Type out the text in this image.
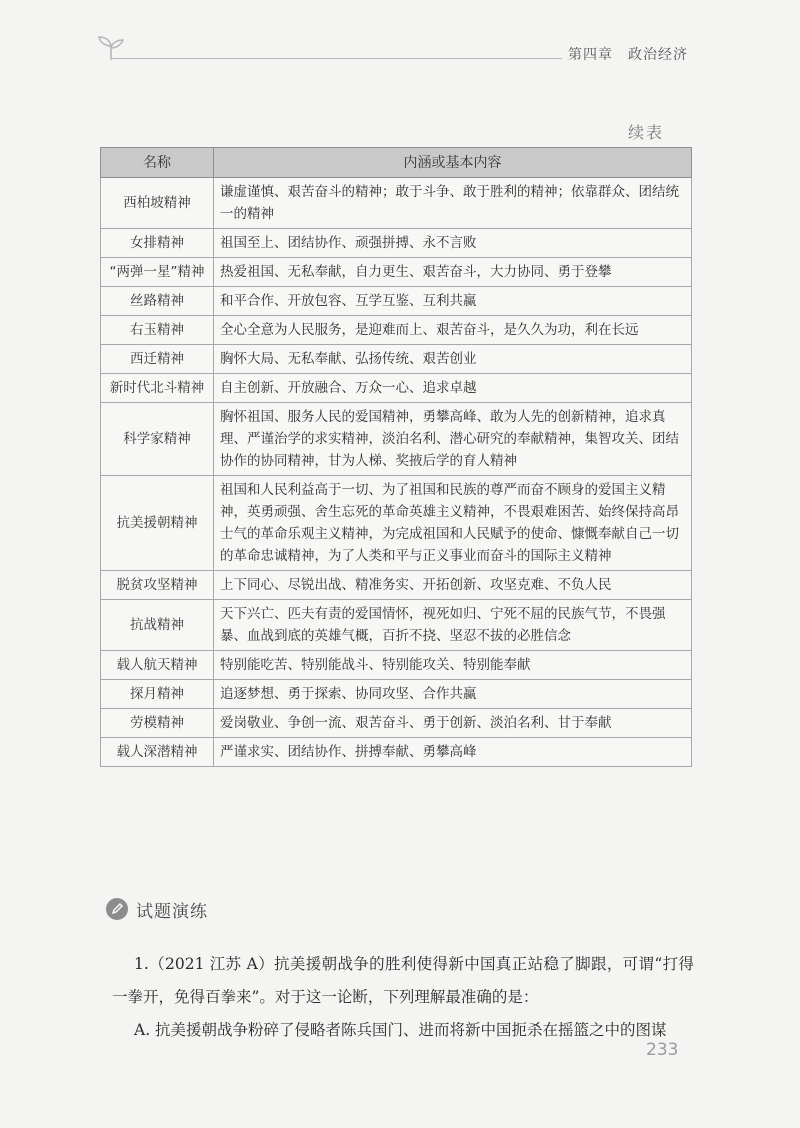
第四章　政治经济
续表
名称	内涵或基本内容
西柏坡精神	谦虚谨慎、艰苦奋斗的精神；敢于斗争、敢于胜利的精神；依靠群众、团结统一的精神
女排精神	祖国至上、团结协作、顽强拼搏、永不言败
“两弹一星”精神	热爱祖国、无私奉献，自力更生、艰苦奋斗，大力协同、勇于登攀
丝路精神	和平合作、开放包容、互学互鉴、互利共赢
右玉精神	全心全意为人民服务，是迎难而上、艰苦奋斗，是久久为功，利在长远
西迁精神	胸怀大局、无私奉献、弘扬传统、艰苦创业
新时代北斗精神	自主创新、开放融合、万众一心、追求卓越
科学家精神	胸怀祖国、服务人民的爱国精神，勇攀高峰、敢为人先的创新精神，追求真理、严谨治学的求实精神，淡泊名利、潜心研究的奉献精神，集智攻关、团结协作的协同精神，甘为人梯、奖掖后学的育人精神
抗美援朝精神	祖国和人民利益高于一切、为了祖国和民族的尊严而奋不顾身的爱国主义精神，英勇顽强、舍生忘死的革命英雄主义精神，不畏艰难困苦、始终保持高昂士气的革命乐观主义精神，为完成祖国和人民赋予的使命、慷慨奉献自己一切的革命忠诚精神，为了人类和平与正义事业而奋斗的国际主义精神
脱贫攻坚精神	上下同心、尽锐出战、精准务实、开拓创新、攻坚克难、不负人民
抗战精神	天下兴亡、匹夫有责的爱国情怀，视死如归、宁死不屈的民族气节，不畏强暴、血战到底的英雄气概，百折不挠、坚忍不拔的必胜信念
载人航天精神	特别能吃苦、特别能战斗、特别能攻关、特别能奉献
探月精神	追逐梦想、勇于探索、协同攻坚、合作共赢
劳模精神	爱岗敬业、争创一流、艰苦奋斗、勇于创新、淡泊名利、甘于奉献
载人深潜精神	严谨求实、团结协作、拼搏奉献、勇攀高峰
试题演练
1.（2021 江苏 A）抗美援朝战争的胜利使得新中国真正站稳了脚跟，可谓“打得一拳开，免得百拳来”。对于这一论断，下列理解最准确的是：
A. 抗美援朝战争粉碎了侵略者陈兵国门、进而将新中国扼杀在摇篮之中的图谋
233
